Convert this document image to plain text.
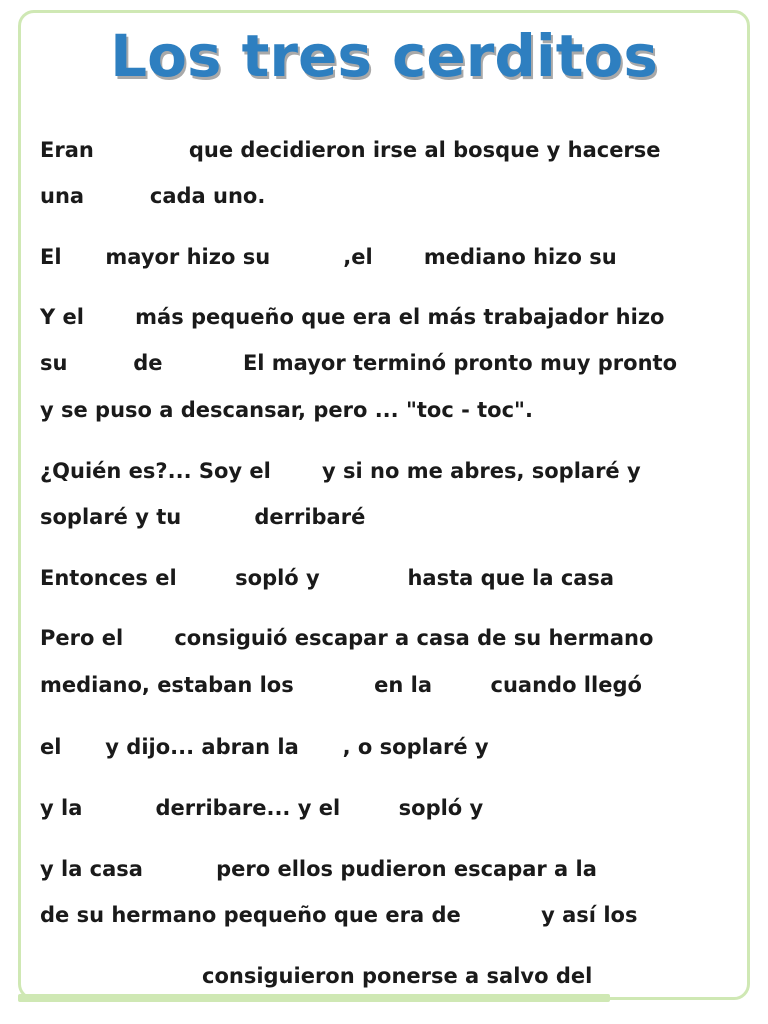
Los tres cerditos

Eran             que decidieron irse al bosque y hacerse

una         cada uno.

El      mayor hizo su          ,el       mediano hizo su

Y el       más pequeño que era el más trabajador hizo

su         de           El mayor terminó pronto muy pronto

y se puso a descansar, pero ... "toc - toc".

¿Quién es?... Soy el       y si no me abres, soplaré y

soplaré y tu          derribaré

Entonces el        sopló y            hasta que la casa

Pero el       consiguió escapar a casa de su hermano

mediano, estaban los           en la        cuando llegó

el      y dijo... abran la      , o soplaré y

y la          derribare... y el        sopló y

y la casa          pero ellos pudieron escapar a la

de su hermano pequeño que era de           y así los

consiguieron ponerse a salvo del
